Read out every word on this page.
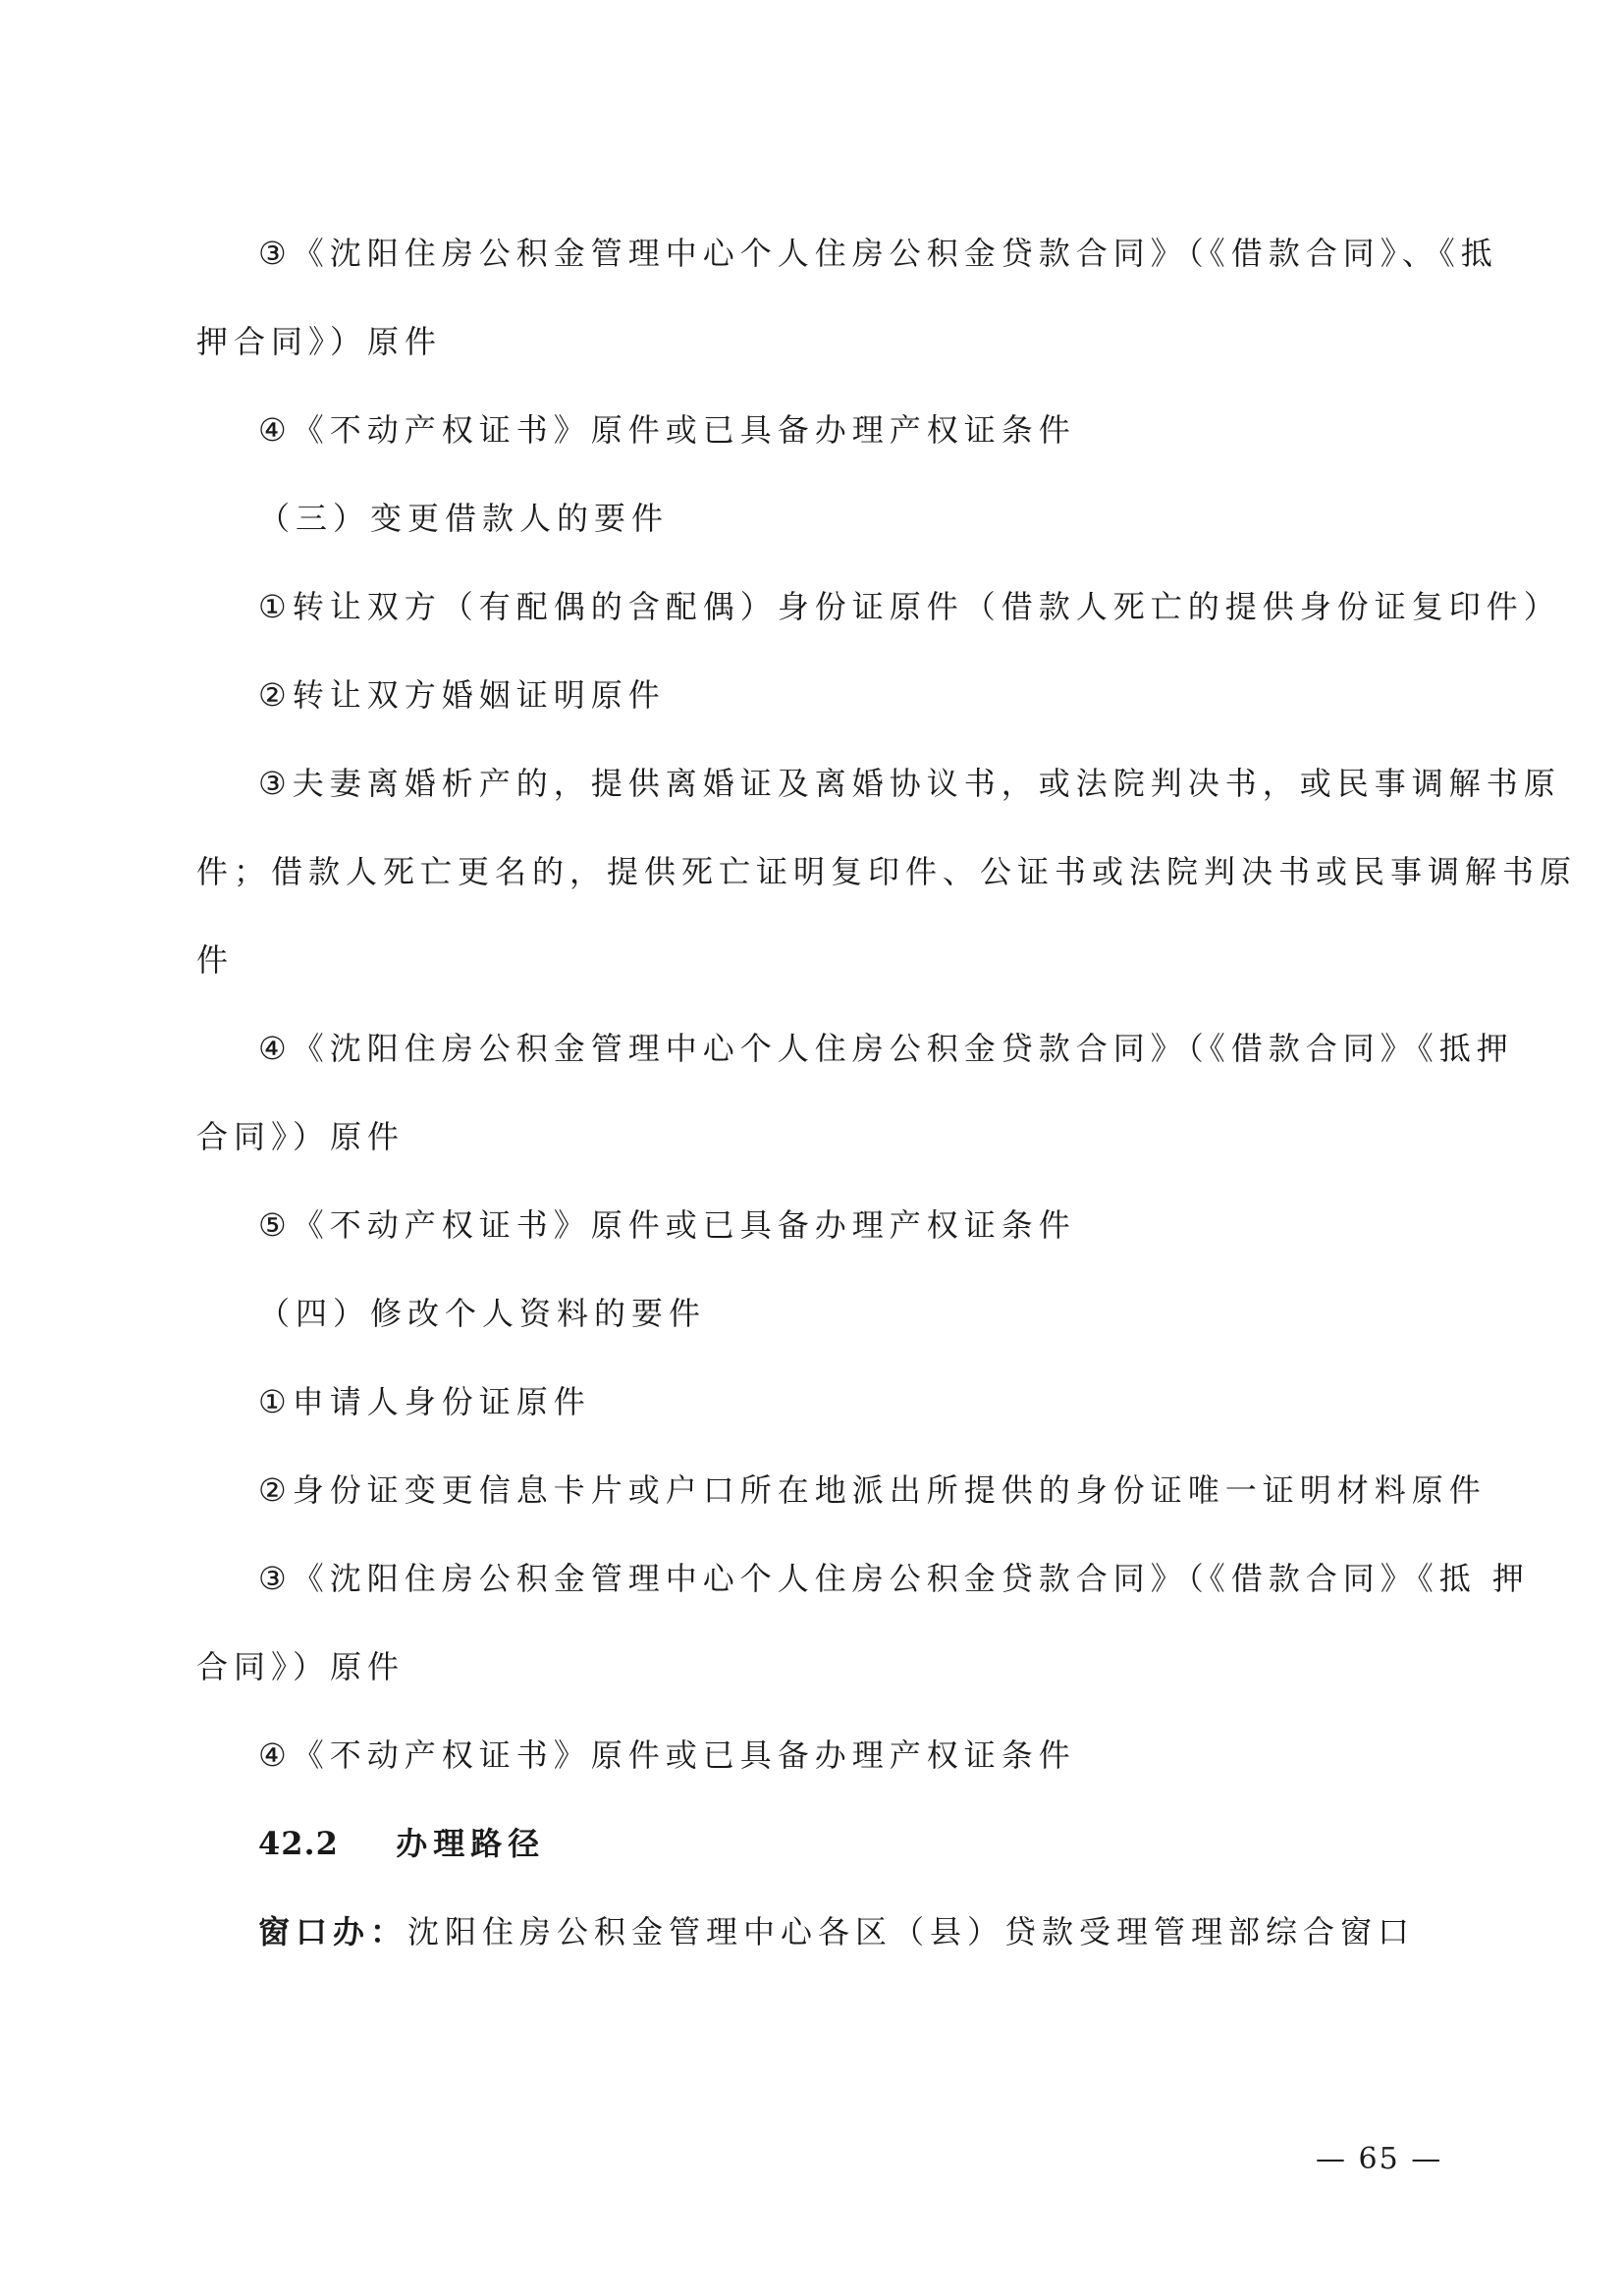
③《沈阳住房公积金管理中心个人住房公积金贷款合同》（《借款合同》、《抵
押合同》）原件
④《不动产权证书》原件或已具备办理产权证条件
（三）变更借款人的要件
①转让双方（有配偶的含配偶）身份证原件（借款人死亡的提供身份证复印件）
②转让双方婚姻证明原件
③夫妻离婚析产的，提供离婚证及离婚协议书，或法院判决书，或民事调解书原
件；借款人死亡更名的，提供死亡证明复印件、公证书或法院判决书或民事调解书原
件
④《沈阳住房公积金管理中心个人住房公积金贷款合同》（《借款合同》《抵押
合同》）原件
⑤《不动产权证书》原件或已具备办理产权证条件
（四）修改个人资料的要件
①申请人身份证原件
②身份证变更信息卡片或户口所在地派出所提供的身份证唯一证明材料原件
③《沈阳住房公积金管理中心个人住房公积金贷款合同》（《借款合同》《抵 押
合同》）原件
④《不动产权证书》原件或已具备办理产权证条件
42.2 办理路径
窗口办：沈阳住房公积金管理中心各区（县）贷款受理管理部综合窗口
— 65 —
